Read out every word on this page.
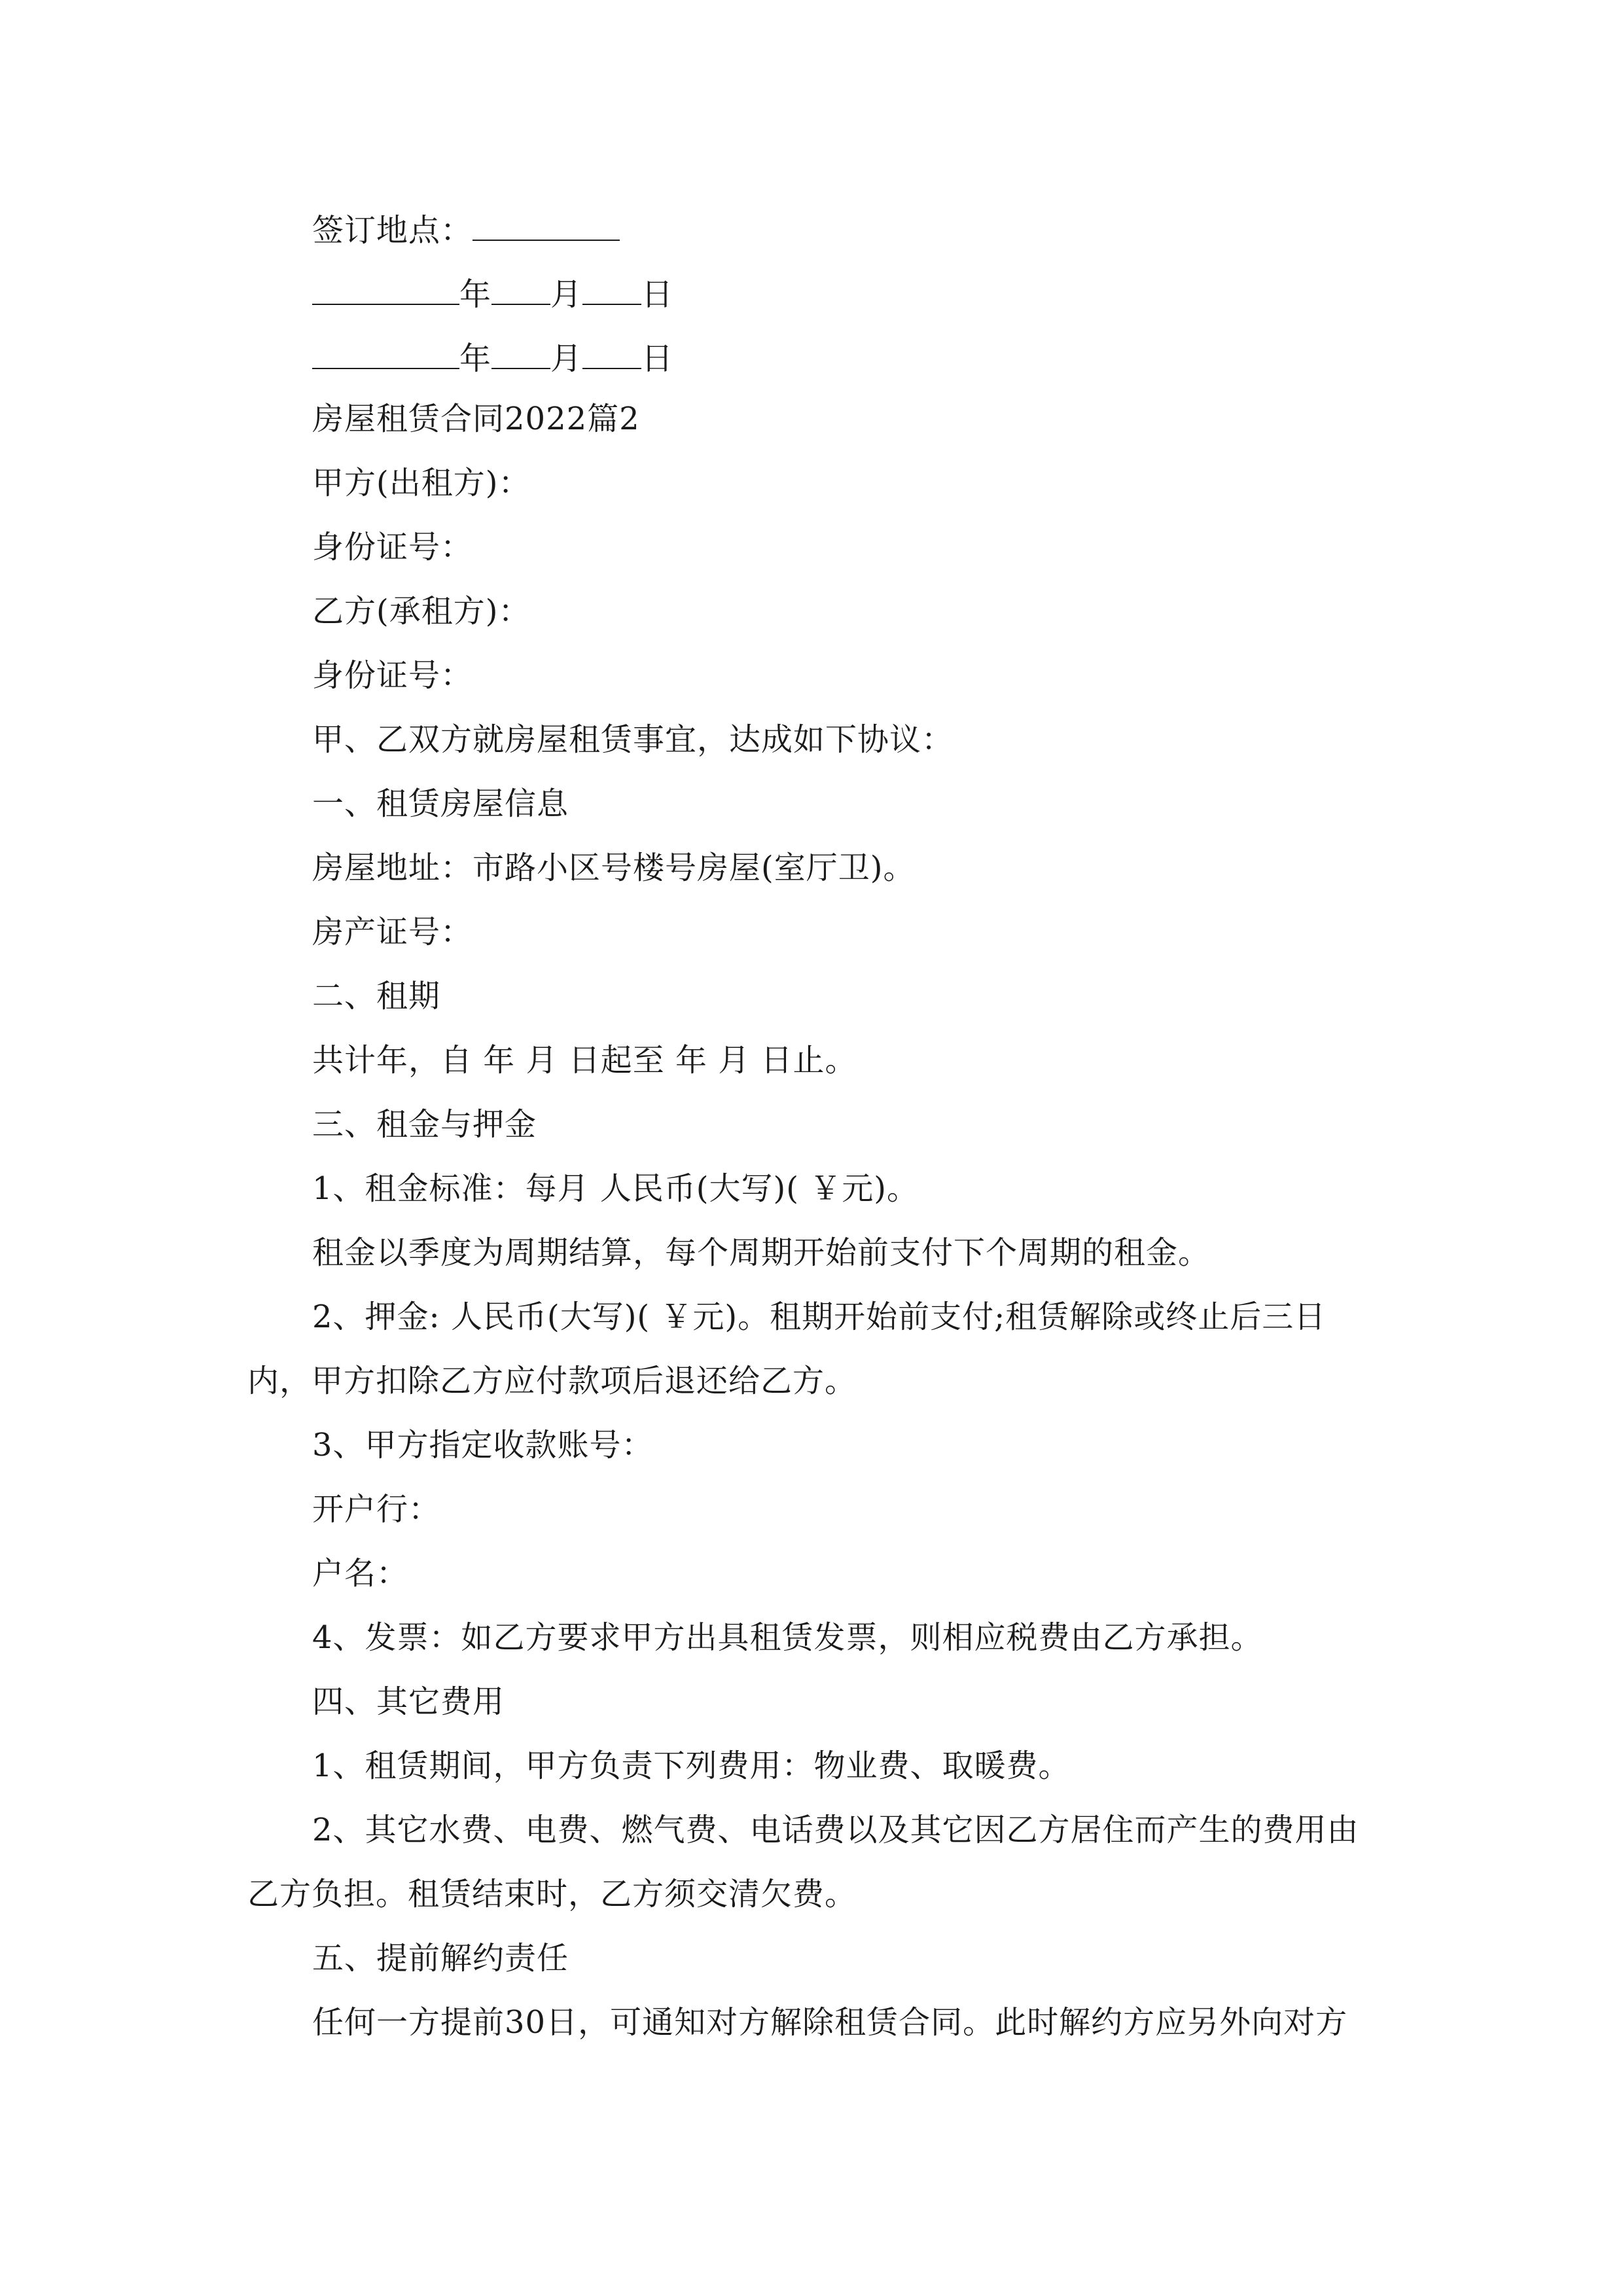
签订地点：
年 月 日
年 月 日
房屋租赁合同2022篇2
甲方(出租方)：
身份证号：
乙方(承租方)：
身份证号：
甲、乙双方就房屋租赁事宜，达成如下协议：
一、租赁房屋信息
房屋地址：市路小区号楼号房屋(室厅卫)。
房产证号：
二、租期
共计年，自 年 月 日起至 年 月 日止。
三、租金与押金
1、租金标准：每月 人民币(大写)( ￥元)。
租金以季度为周期结算，每个周期开始前支付下个周期的租金。
2、押金: 人民币(大写)( ￥元)。租期开始前支付;租赁解除或终止后三日
内，甲方扣除乙方应付款项后退还给乙方。
3、甲方指定收款账号：
开户行：
户名：
4、发票：如乙方要求甲方出具租赁发票，则相应税费由乙方承担。
四、其它费用
1、租赁期间，甲方负责下列费用：物业费、取暖费。
2、其它水费、电费、燃气费、电话费以及其它因乙方居住而产生的费用由
乙方负担。租赁结束时，乙方须交清欠费。
五、提前解约责任
任何一方提前30日，可通知对方解除租赁合同。此时解约方应另外向对方
